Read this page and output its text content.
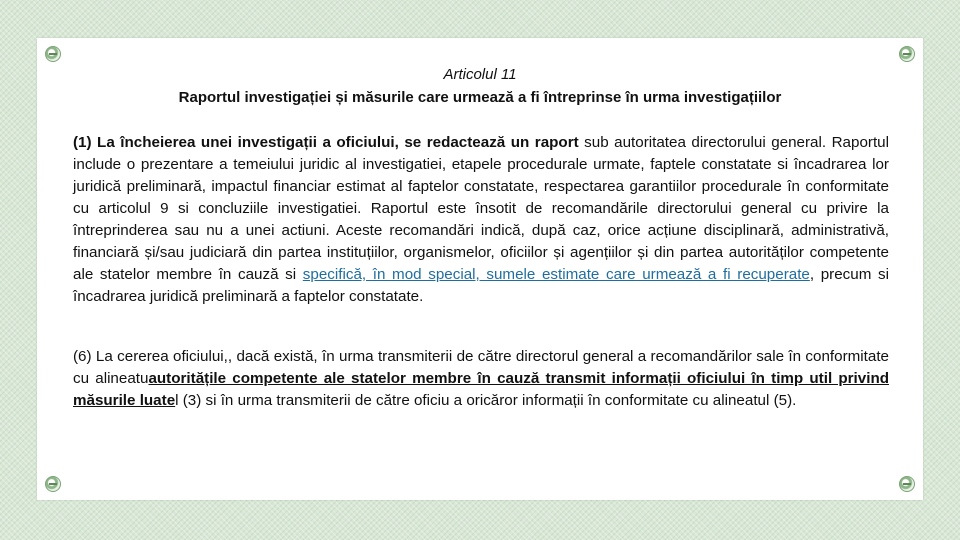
Articolul 11
Raportul investigației și măsurile care urmează a fi întreprinse în urma investigațiilor

(1) La încheierea unei investigații a oficiului, se redactează un raport sub autoritatea directorului general. Raportul include o prezentare a temeiului juridic al investigatiei, etapele procedurale urmate, faptele constatate si încadrarea lor juridică preliminară, impactul financiar estimat al faptelor constatate, respectarea garantiilor procedurale în conformitate cu articolul 9 si concluziile investigatiei. Raportul este însotit de recomandările directorului general cu privire la întreprinderea sau nu a unei actiuni. Aceste recomandări indică, după caz, orice acțiune disciplinară, administrativă, financiară și/sau judiciară din partea instituțiilor, organismelor, oficiilor și agențiilor și din partea autorităților competente ale statelor membre în cauză si specifică, în mod special, sumele estimate care urmează a fi recuperate, precum si încadrarea juridică preliminară a faptelor constatate.

(6) La cererea oficiului,, dacă există, în urma transmiterii de către directorul general a recomandărilor sale în conformitate cu alineatuautoritățile competente ale statelor membre în cauză transmit informații oficiului în timp util privind măsurile luatel (3) si în urma transmiterii de către oficiu a oricăror informații în conformitate cu alineatul (5).
